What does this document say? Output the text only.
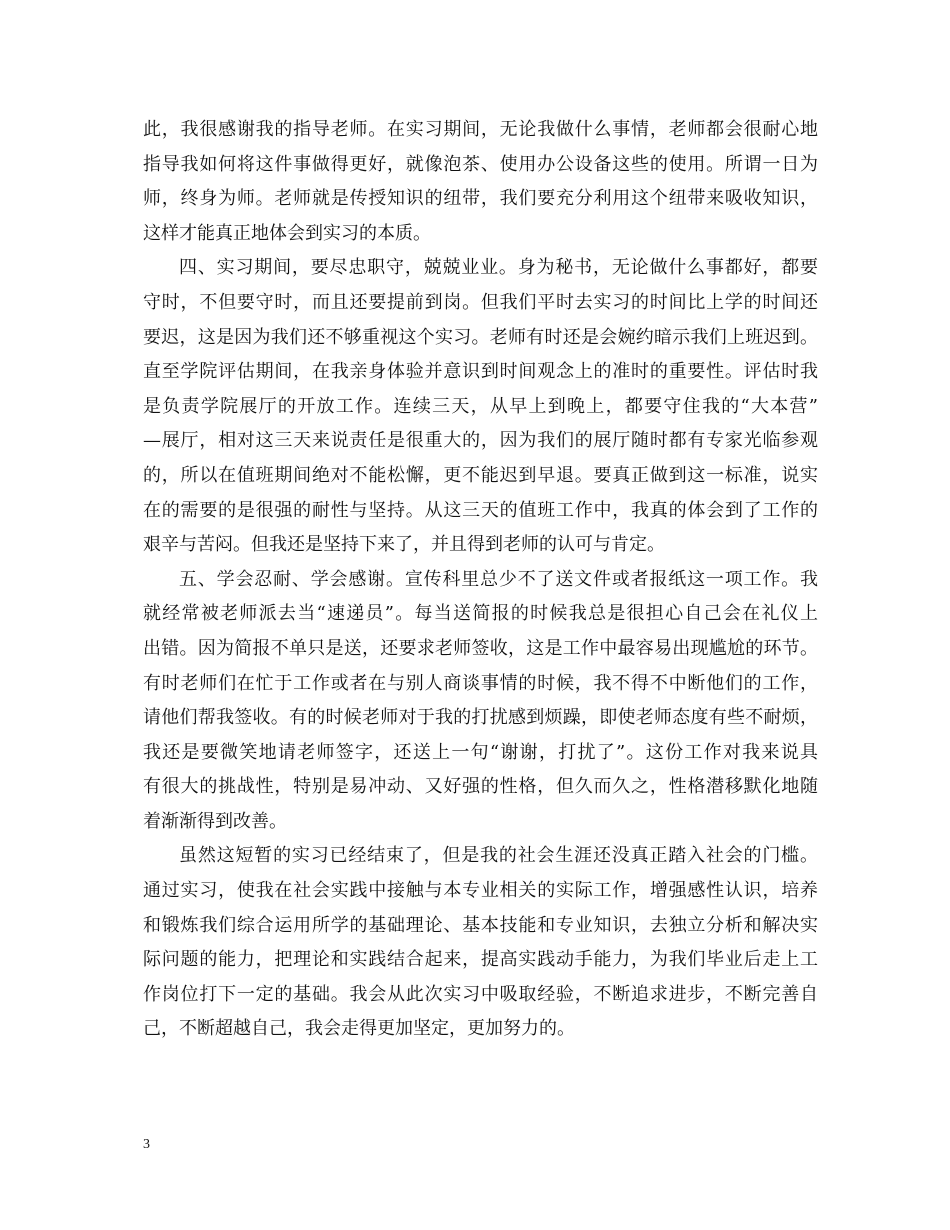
此，我很感谢我的指导老师。在实习期间，无论我做什么事情，老师都会很耐心地
指导我如何将这件事做得更好，就像泡茶、使用办公设备这些的使用。所谓一日为
师，终身为师。老师就是传授知识的纽带，我们要充分利用这个纽带来吸收知识，
这样才能真正地体会到实习的本质。
四、实习期间，要尽忠职守，兢兢业业。身为秘书，无论做什么事都好，都要
守时，不但要守时，而且还要提前到岗。但我们平时去实习的时间比上学的时间还
要迟，这是因为我们还不够重视这个实习。老师有时还是会婉约暗示我们上班迟到。
直至学院评估期间，在我亲身体验并意识到时间观念上的准时的重要性。评估时我
是负责学院展厅的开放工作。连续三天，从早上到晚上，都要守住我的“大本营”
—展厅，相对这三天来说责任是很重大的，因为我们的展厅随时都有专家光临参观
的，所以在值班期间绝对不能松懈，更不能迟到早退。要真正做到这一标准，说实
在的需要的是很强的耐性与坚持。从这三天的值班工作中，我真的体会到了工作的
艰辛与苦闷。但我还是坚持下来了，并且得到老师的认可与肯定。
五、学会忍耐、学会感谢。宣传科里总少不了送文件或者报纸这一项工作。我
就经常被老师派去当“速递员”。每当送简报的时候我总是很担心自己会在礼仪上
出错。因为简报不单只是送，还要求老师签收，这是工作中最容易出现尴尬的环节。
有时老师们在忙于工作或者在与别人商谈事情的时候，我不得不中断他们的工作，
请他们帮我签收。有的时候老师对于我的打扰感到烦躁，即使老师态度有些不耐烦，
我还是要微笑地请老师签字，还送上一句“谢谢，打扰了”。这份工作对我来说具
有很大的挑战性，特别是易冲动、又好强的性格，但久而久之，性格潜移默化地随
着渐渐得到改善。
虽然这短暂的实习已经结束了，但是我的社会生涯还没真正踏入社会的门槛。
通过实习，使我在社会实践中接触与本专业相关的实际工作，增强感性认识，培养
和锻炼我们综合运用所学的基础理论、基本技能和专业知识，去独立分析和解决实
际问题的能力，把理论和实践结合起来，提高实践动手能力，为我们毕业后走上工
作岗位打下一定的基础。我会从此次实习中吸取经验，不断追求进步，不断完善自
己，不断超越自己，我会走得更加坚定，更加努力的。
3
